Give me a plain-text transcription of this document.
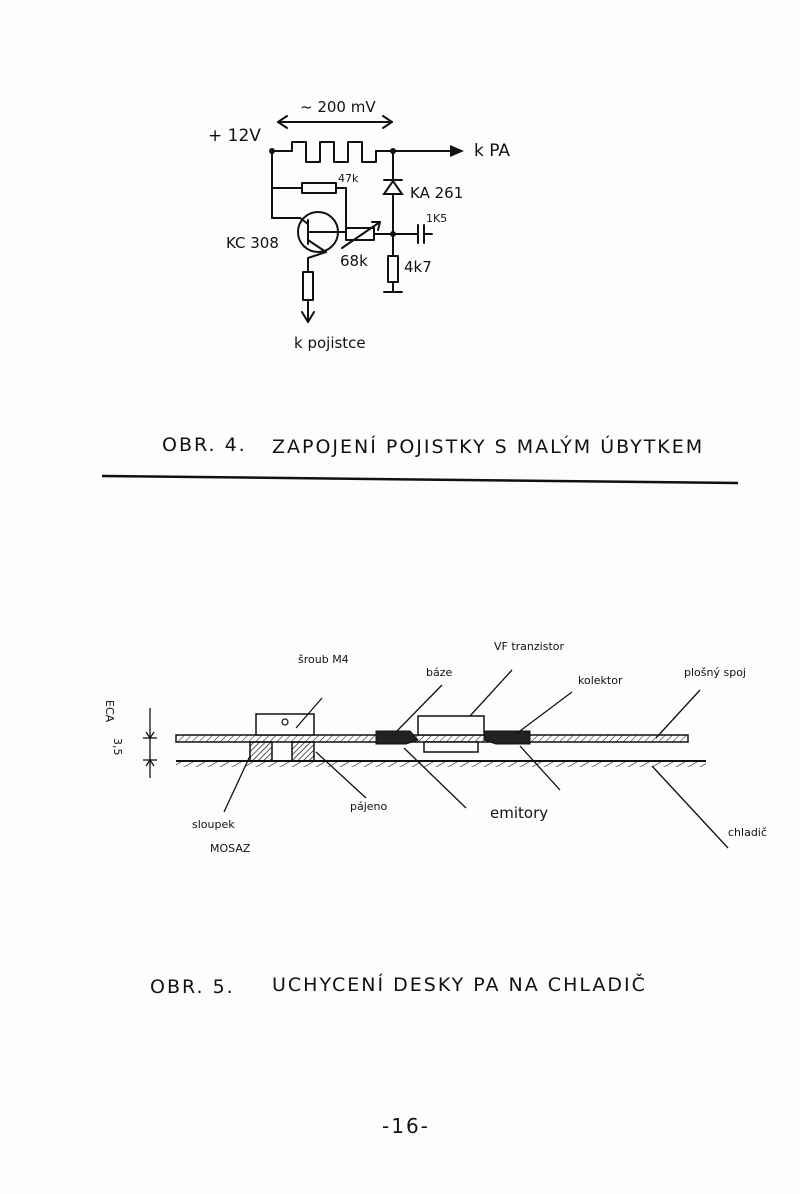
+ 12V
~ 200 mV
k PA
47k
KA 261
1K5
KC 308
68k 4k7
k pojistce
OBR. 4. ZAPOJENÍ POJISTKY S MALÝM ÚBYTKEM
šroub M4
báze
VF tranzistor
kolektor
plošný spoj
ECA
3,5
sloupek
MOSAZ
pájeno	emitory
chladič
OBR. 5. UCHYCENÍ DESKY PA NA CHLADIČ
-16-
